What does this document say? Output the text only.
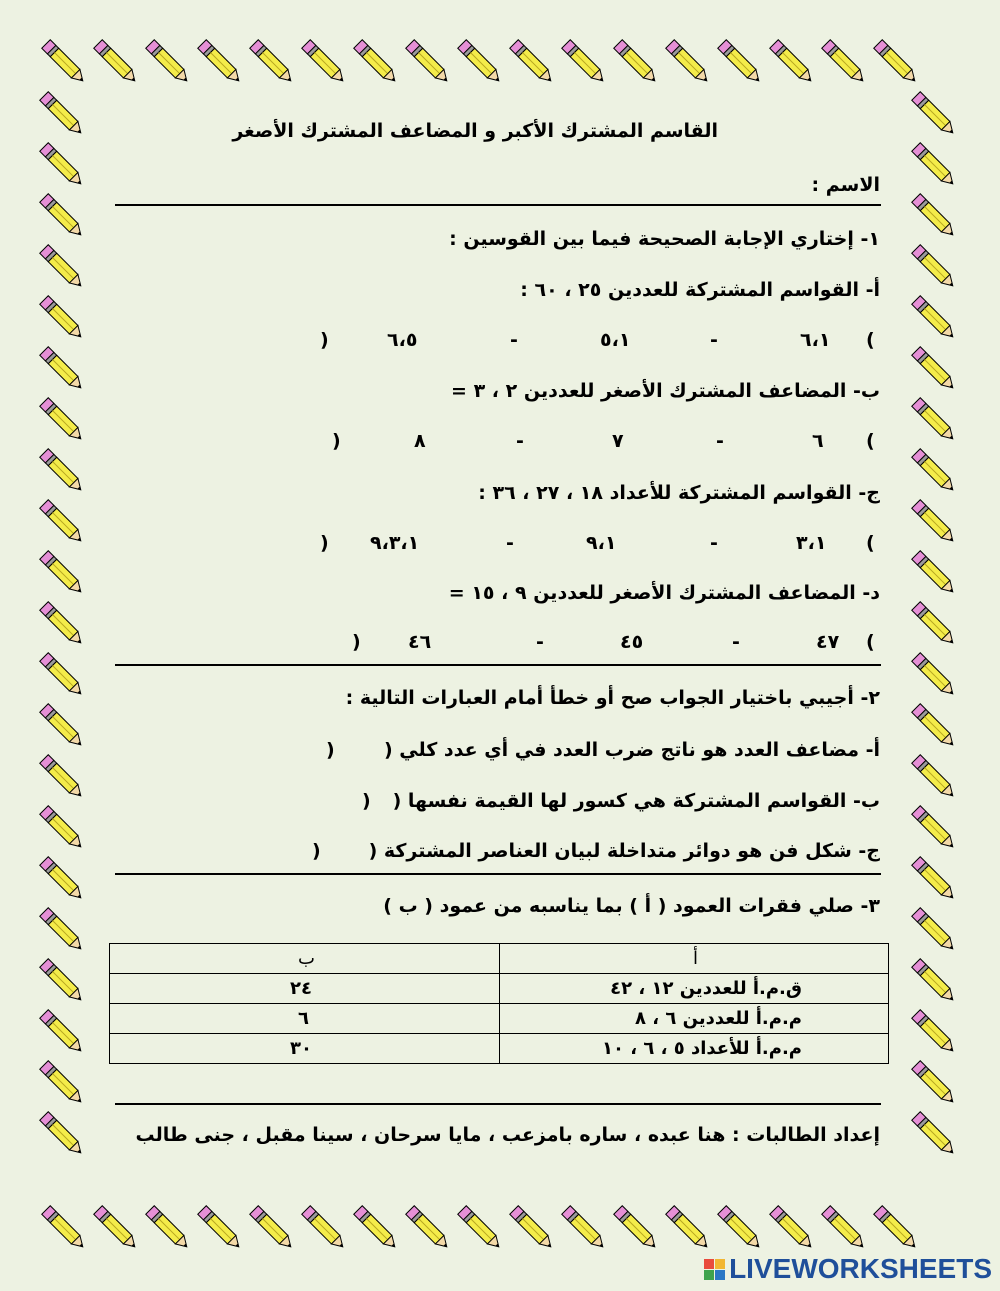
القاسم المشترك الأكبر و المضاعف المشترك الأصغر
الاسم :
١- إختاري الإجابة الصحيحة فيما بين القوسين :
أ- القواسم المشتركة للعددين ٢٥ ، ٦٠ :
(
٦،١
-
٥،١
-
٦،٥
)
ب- المضاعف المشترك الأصغر للعددين ٢ ، ٣ =
(
٦
-
٧
-
٨
)
ج- القواسم المشتركة للأعداد ١٨ ، ٢٧ ، ٣٦ :
(
٣،١
-
٩،١
-
٩،٣،١
)
د- المضاعف المشترك الأصغر للعددين ٩ ، ١٥ =
(
٤٧
-
٤٥
-
٤٦
)
٢- أجيبي باختيار الجواب صح أو خطأ أمام العبارات التالية :
أ- مضاعف العدد هو ناتج ضرب العدد في أي عدد كلي (
)
ب- القواسم المشتركة هي كسور لها القيمة نفسها (
)
ج- شكل فن هو دوائر متداخلة لبيان العناصر المشتركة (
)
٣- صلي فقرات العمود ( أ ) بما يناسبه من عمود ( ب )
أ	ب
ق.م.أ للعددين ١٢ ، ٤٢	٢٤
م.م.أ للعددين ٦ ، ٨	٦
م.م.أ للأعداد ٥ ، ٦ ، ١٠	٣٠
إعداد الطالبات : هنا عبده ، ساره بامزعب ، مايا سرحان ، سينا مقبل ، جنى طالب
LIVEWORKSHEETS
